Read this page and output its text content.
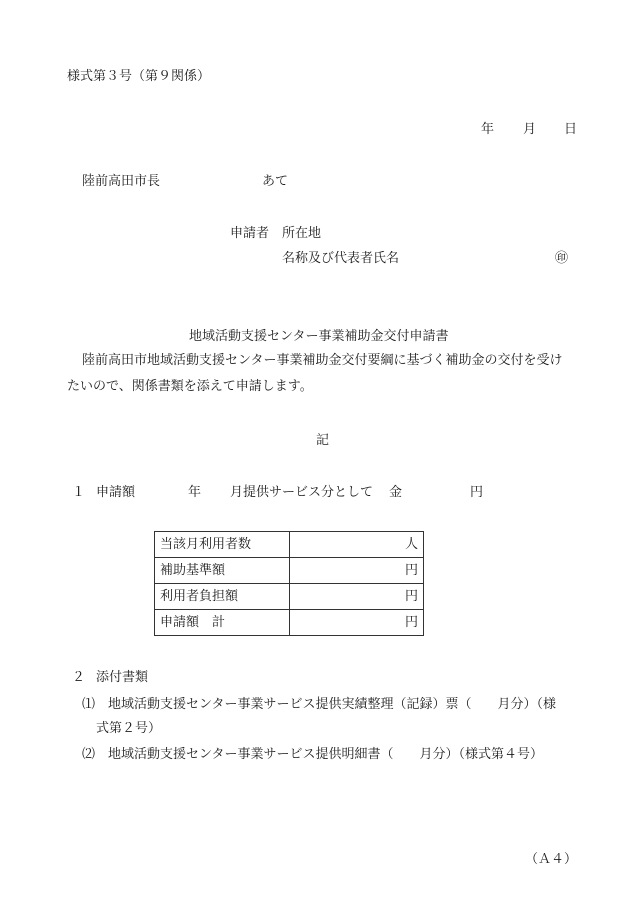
様式第３号（第９関係）
年 月 日
陸前高田市長	あて
申請者 所在地
名称及び代表者氏名	㊞
地域活動支援センター事業補助金交付申請書
陸前高田市地域活動支援センター事業補助金交付要綱に基づく補助金の交付を受け
たいので、関係書類を添えて申請します。
記
１ 申請額	年 月提供サービス分として 金	円
当該月利用者数	人
補助基準額	円
利用者負担額	円
申請額　計	円
２ 添付書類
⑴ 地域活動支援センター事業サービス提供実績整理（記録）票（　　月分）（様
式第２号）
⑵ 地域活動支援センター事業サービス提供明細書（　　月分）（様式第４号）
（Ａ４）
